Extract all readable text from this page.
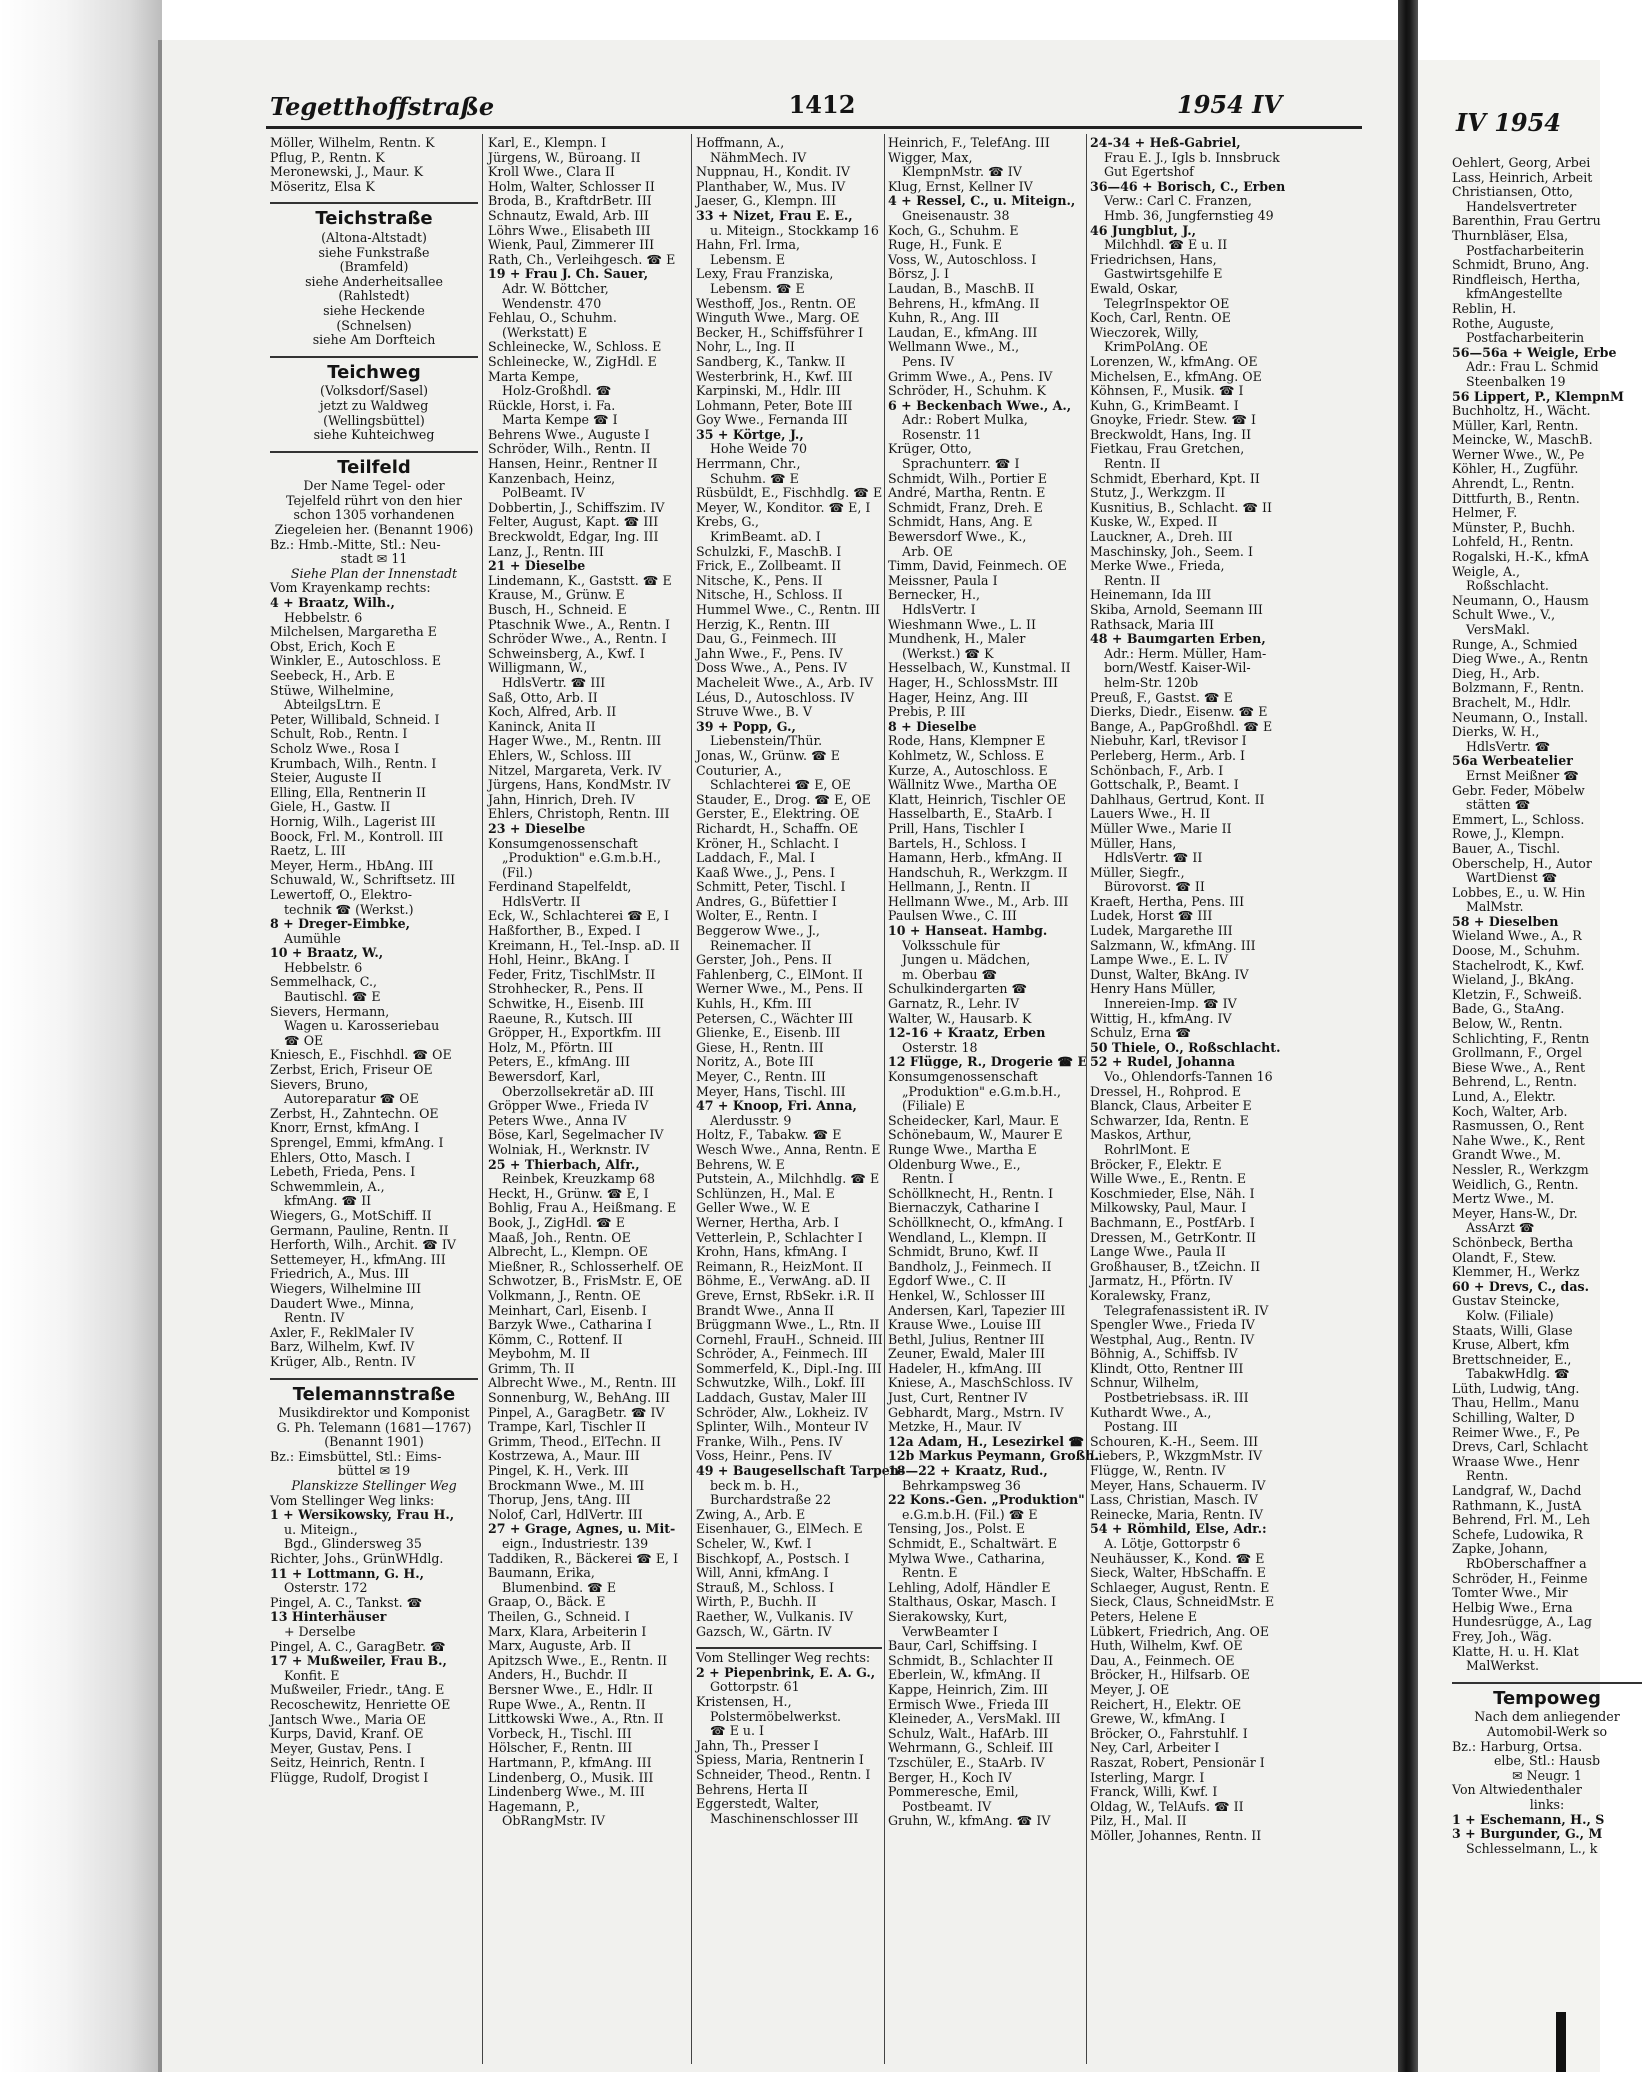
Tegetthoffstraße	1412	1954 IV
Möller, Wilhelm, Rentn. K
Pflug, P., Rentn. K
Meronewski, J., Maur. K
Möseritz, Elsa K
Teichstraße
(Altona-Altstadt)
siehe Funkstraße
(Bramfeld)
siehe Anderheitsallee
(Rahlstedt)
siehe Heckende
(Schnelsen)
siehe Am Dorfteich
Teichweg
(Volksdorf/Sasel)
jetzt zu Waldweg
(Wellingsbüttel)
siehe Kuhteichweg
Teilfeld
Der Name Tegel- oder
Tejelfeld rührt von den hier
schon 1305 vorhandenen
Ziegeleien her. (Benannt 1906)
Bz.: Hmb.-Mitte, Stl.: Neu-
stadt ✉ 11
Siehe Plan der Innenstadt
Vom Krayenkamp rechts:
4 + Braatz, Wilh.,
Hebbelstr. 6
Milchelsen, Margaretha E
Obst, Erich, Koch E
Winkler, E., Autoschloss. E
Seebeck, H., Arb. E
Stüwe, Wilhelmine,
AbteilgsLtrn. E
Peter, Willibald, Schneid. I
Schult, Rob., Rentn. I
Scholz Wwe., Rosa I
Krumbach, Wilh., Rentn. I
Steier, Auguste II
Elling, Ella, Rentnerin II
Giele, H., Gastw. II
Hornig, Wilh., Lagerist III
Boock, Frl. M., Kontroll. III
Raetz, L. III
Meyer, Herm., HbAng. III
Schuwald, W., Schriftsetz. III
Lewertoff, O., Elektro-
technik ☎ (Werkst.)
8 + Dreger-Eimbke,
Aumühle
10 + Braatz, W.,
Hebbelstr. 6
Semmelhack, C.,
Bautischl. ☎ E
Sievers, Hermann,
Wagen u. Karosseriebau
☎ OE
Kniesch, E., Fischhdl. ☎ OE
Zerbst, Erich, Friseur OE
Sievers, Bruno,
Autoreparatur ☎ OE
Zerbst, H., Zahntechn. OE
Knorr, Ernst, kfmAng. I
Sprengel, Emmi, kfmAng. I
Ehlers, Otto, Masch. I
Lebeth, Frieda, Pens. I
Schwemmlein, A.,
kfmAng. ☎ II
Wiegers, G., MotSchiff. II
Germann, Pauline, Rentn. II
Herforth, Wilh., Archit. ☎ IV
Settemeyer, H., kfmAng. III
Friedrich, A., Mus. III
Wiegers, Wilhelmine III
Daudert Wwe., Minna,
Rentn. IV
Axler, F., ReklMaler IV
Barz, Wilhelm, Kwf. IV
Krüger, Alb., Rentn. IV
Telemannstraße
Musikdirektor und Komponist
G. Ph. Telemann (1681—1767)
(Benannt 1901)
Bz.: Eimsbüttel, Stl.: Eims-
büttel ✉ 19
Planskizze Stellinger Weg
Vom Stellinger Weg links:
1 + Wersikowsky, Frau H.,
u. Miteign.,
Bgd., Glindersweg 35
Richter, Johs., GrünWHdlg.
11 + Lottmann, G. H.,
Osterstr. 172
Pingel, A. C., Tankst. ☎
13 Hinterhäuser
+ Derselbe
Pingel, A. C., GaragBetr. ☎
17 + Mußweiler, Frau B.,
Konfit. E
Mußweiler, Friedr., tAng. E
Recoschewitz, Henriette OE
Jantsch Wwe., Maria OE
Kurps, David, Kranf. OE
Meyer, Gustav, Pens. I
Seitz, Heinrich, Rentn. I
Flügge, Rudolf, Drogist I
Karl, E., Klempn. I
Jürgens, W., Büroang. II
Kroll Wwe., Clara II
Holm, Walter, Schlosser II
Broda, B., KraftdrBetr. III
Schnautz, Ewald, Arb. III
Löhrs Wwe., Elisabeth III
Wienk, Paul, Zimmerer III
Rath, Ch., Verleihgesch. ☎ E
19 + Frau J. Ch. Sauer,
Adr. W. Böttcher,
Wendenstr. 470
Fehlau, O., Schuhm.
(Werkstatt) E
Schleinecke, W., Schloss. E
Schleinecke, W., ZigHdl. E
Marta Kempe,
Holz-Großhdl. ☎
Rückle, Horst, i. Fa.
Marta Kempe ☎ I
Behrens Wwe., Auguste I
Schröder, Wilh., Rentn. II
Hansen, Heinr., Rentner II
Kanzenbach, Heinz,
PolBeamt. IV
Dobbertin, J., Schiffszim. IV
Felter, August, Kapt. ☎ III
Breckwoldt, Edgar, Ing. III
Lanz, J., Rentn. III
21 + Dieselbe
Lindemann, K., Gaststt. ☎ E
Krause, M., Grünw. E
Busch, H., Schneid. E
Ptaschnik Wwe., A., Rentn. I
Schröder Wwe., A., Rentn. I
Schweinsberg, A., Kwf. I
Willigmann, W.,
HdlsVertr. ☎ III
Saß, Otto, Arb. II
Koch, Alfred, Arb. II
Kaninck, Anita II
Hager Wwe., M., Rentn. III
Ehlers, W., Schloss. III
Nitzel, Margareta, Verk. IV
Jürgens, Hans, KondMstr. IV
Jahn, Hinrich, Dreh. IV
Ehlers, Christoph, Rentn. III
23 + Dieselbe
Konsumgenossenschaft
„Produktion" e.G.m.b.H.,
(Fil.)
Ferdinand Stapelfeldt,
HdlsVertr. II
Eck, W., Schlachterei ☎ E, I
Haßforther, B., Exped. I
Kreimann, H., Tel.-Insp. aD. II
Hohl, Heinr., BkAng. I
Feder, Fritz, TischlMstr. II
Strohhecker, R., Pens. II
Schwitke, H., Eisenb. III
Raeune, R., Kutsch. III
Gröpper, H., Exportkfm. III
Holz, M., Pförtn. III
Peters, E., kfmAng. III
Bewersdorf, Karl,
Oberzollsekretär aD. III
Gröpper Wwe., Frieda IV
Peters Wwe., Anna IV
Böse, Karl, Segelmacher IV
Wolniak, H., Werknstr. IV
25 + Thierbach, Alfr.,
Reinbek, Kreuzkamp 68
Heckt, H., Grünw. ☎ E, I
Bohlig, Frau A., Heißmang. E
Book, J., ZigHdl. ☎ E
Maaß, Joh., Rentn. OE
Albrecht, L., Klempn. OE
Mießner, R., Schlosserhelf. OE
Schwotzer, B., FrisMstr. E, OE
Volkmann, J., Rentn. OE
Meinhart, Carl, Eisenb. I
Barzyk Wwe., Catharina I
Kömm, C., Rottenf. II
Meybohm, M. II
Grimm, Th. II
Albrecht Wwe., M., Rentn. III
Sonnenburg, W., BehAng. III
Pinpel, A., GaragBetr. ☎ IV
Trampe, Karl, Tischler II
Grimm, Theod., ElTechn. II
Kostrzewa, A., Maur. III
Pingel, K. H., Verk. III
Brockmann Wwe., M. III
Thorup, Jens, tAng. III
Nolof, Carl, HdlVertr. III
27 + Grage, Agnes, u. Mit-
eign., Industriestr. 139
Taddiken, R., Bäckerei ☎ E, I
Baumann, Erika,
Blumenbind. ☎ E
Graap, O., Bäck. E
Theilen, G., Schneid. I
Marx, Klara, Arbeiterin I
Marx, Auguste, Arb. II
Apitzsch Wwe., E., Rentn. II
Anders, H., Buchdr. II
Bersner Wwe., E., Hdlr. II
Rupe Wwe., A., Rentn. II
Littkowski Wwe., A., Rtn. II
Vorbeck, H., Tischl. III
Hölscher, F., Rentn. III
Hartmann, P., kfmAng. III
Lindenberg, O., Musik. III
Lindenberg Wwe., M. III
Hagemann, P.,
ObRangMstr. IV
Hoffmann, A.,
NähmMech. IV
Nuppnau, H., Kondit. IV
Planthaber, W., Mus. IV
Jaeser, G., Klempn. III
33 + Nizet, Frau E. E.,
u. Miteign., Stockkamp 16
Hahn, Frl. Irma,
Lebensm. E
Lexy, Frau Franziska,
Lebensm. ☎ E
Westhoff, Jos., Rentn. OE
Winguth Wwe., Marg. OE
Becker, H., Schiffsführer I
Nohr, L., Ing. II
Sandberg, K., Tankw. II
Westerbrink, H., Kwf. III
Karpinski, M., Hdlr. III
Lohmann, Peter, Bote III
Goy Wwe., Fernanda III
35 + Körtge, J.,
Hohe Weide 70
Herrmann, Chr.,
Schuhm. ☎ E
Rüsbüldt, E., Fischhdlg. ☎ E
Meyer, W., Konditor. ☎ E, I
Krebs, G.,
KrimBeamt. aD. I
Schulzki, F., MaschB. I
Frick, E., Zollbeamt. II
Nitsche, K., Pens. II
Nitsche, H., Schloss. II
Hummel Wwe., C., Rentn. III
Herzig, K., Rentn. III
Dau, G., Feinmech. III
Jahn Wwe., F., Pens. IV
Doss Wwe., A., Pens. IV
Macheleit Wwe., A., Arb. IV
Léus, D., Autoschloss. IV
Struve Wwe., B. V
39 + Popp, G.,
Liebenstein/Thür.
Jonas, W., Grünw. ☎ E
Couturier, A.,
Schlachterei ☎ E, OE
Stauder, E., Drog. ☎ E, OE
Gerster, E., Elektring. OE
Richardt, H., Schaffn. OE
Kröner, H., Schlacht. I
Laddach, F., Mal. I
Kaaß Wwe., J., Pens. I
Schmitt, Peter, Tischl. I
Andres, G., Büfettier I
Wolter, E., Rentn. I
Beggerow Wwe., J.,
Reinemacher. II
Gerster, Joh., Pens. II
Fahlenberg, C., ElMont. II
Werner Wwe., M., Pens. II
Kuhls, H., Kfm. III
Petersen, C., Wächter III
Glienke, E., Eisenb. III
Giese, H., Rentn. III
Noritz, A., Bote III
Meyer, C., Rentn. III
Meyer, Hans, Tischl. III
47 + Knoop, Fri. Anna,
Alerdusstr. 9
Holtz, F., Tabakw. ☎ E
Wesch Wwe., Anna, Rentn. E
Behrens, W. E
Putstein, A., Milchhdlg. ☎ E
Schlünzen, H., Mal. E
Geller Wwe., W. E
Werner, Hertha, Arb. I
Vetterlein, P., Schlachter I
Krohn, Hans, kfmAng. I
Reimann, R., HeizMont. II
Böhme, E., VerwAng. aD. II
Greve, Ernst, RbSekr. i.R. II
Brandt Wwe., Anna II
Brüggmann Wwe., L., Rtn. II
Cornehl, FrauH., Schneid. III
Schröder, A., Feinmech. III
Sommerfeld, K., Dipl.-Ing. III
Schwutzke, Wilh., Lokf. III
Laddach, Gustav, Maler III
Schröder, Alw., Lokheiz. IV
Splinter, Wilh., Monteur IV
Franke, Wilh., Pens. IV
Voss, Heinr., Pens. IV
49 + Baugesellschaft Tarpen-
beck m. b. H.,
Burchardstraße 22
Zwing, A., Arb. E
Eisenhauer, G., ElMech. E
Scheler, W., Kwf. I
Bischkopf, A., Postsch. I
Will, Anni, kfmAng. I
Strauß, M., Schloss. I
Wirth, P., Buchh. II
Raether, W., Vulkanis. IV
Gazsch, W., Gärtn. IV
Vom Stellinger Weg rechts:
2 + Piepenbrink, E. A. G.,
Gottorpstr. 61
Kristensen, H.,
Polstermöbelwerkst.
☎ E u. I
Jahn, Th., Presser I
Spiess, Maria, Rentnerin I
Schneider, Theod., Rentn. I
Behrens, Herta II
Eggerstedt, Walter,
Maschinenschlosser III
Heinrich, F., TelefAng. III
Wigger, Max,
KlempnMstr. ☎ IV
Klug, Ernst, Kellner IV
4 + Ressel, C., u. Miteign.,
Gneisenaustr. 38
Koch, G., Schuhm. E
Ruge, H., Funk. E
Voss, W., Autoschloss. I
Börsz, J. I
Laudan, B., MaschB. II
Behrens, H., kfmAng. II
Kuhn, R., Ang. III
Laudan, E., kfmAng. III
Wellmann Wwe., M.,
Pens. IV
Grimm Wwe., A., Pens. IV
Schröder, H., Schuhm. K
6 + Beckenbach Wwe., A.,
Adr.: Robert Mulka,
Rosenstr. 11
Krüger, Otto,
Sprachunterr. ☎ I
Schmidt, Wilh., Portier E
André, Martha, Rentn. E
Schmidt, Franz, Dreh. E
Schmidt, Hans, Ang. E
Bewersdorf Wwe., K.,
Arb. OE
Timm, David, Feinmech. OE
Meissner, Paula I
Bernecker, H.,
HdlsVertr. I
Wieshmann Wwe., L. II
Mundhenk, H., Maler
(Werkst.) ☎ K
Hesselbach, W., Kunstmal. II
Hager, H., SchlossMstr. III
Hager, Heinz, Ang. III
Prebis, P. III
8 + Dieselbe
Rode, Hans, Klempner E
Kohlmetz, W., Schloss. E
Kurze, A., Autoschloss. E
Wällnitz Wwe., Martha OE
Klatt, Heinrich, Tischler OE
Hasselbarth, E., StaArb. I
Prill, Hans, Tischler I
Bartels, H., Schloss. I
Hamann, Herb., kfmAng. II
Handschuh, R., Werkzgm. II
Hellmann, J., Rentn. II
Hellmann Wwe., M., Arb. III
Paulsen Wwe., C. III
10 + Hanseat. Hambg.
Volksschule für
Jungen u. Mädchen,
m. Oberbau ☎
Schulkindergarten ☎
Garnatz, R., Lehr. IV
Walter, W., Hausarb. K
12-16 + Kraatz, Erben
Osterstr. 18
12 Flügge, R., Drogerie ☎ E
Konsumgenossenschaft
„Produktion" e.G.m.b.H.,
(Filiale) E
Scheidecker, Karl, Maur. E
Schönebaum, W., Maurer E
Runge Wwe., Martha E
Oldenburg Wwe., E.,
Rentn. I
Schöllknecht, H., Rentn. I
Biernaczyk, Catharine I
Schöllknecht, O., kfmAng. I
Wendland, L., Klempn. II
Schmidt, Bruno, Kwf. II
Bandholz, J., Feinmech. II
Egdorf Wwe., C. II
Henkel, W., Schlosser III
Andersen, Karl, Tapezier III
Krause Wwe., Louise III
Bethl, Julius, Rentner III
Zeuner, Ewald, Maler III
Hadeler, H., kfmAng. III
Kniese, A., MaschSchloss. IV
Just, Curt, Rentner IV
Gebhardt, Marg., Mstrn. IV
Metzke, H., Maur. IV
12a Adam, H., Lesezirkel ☎
12b Markus Peymann, Großh.
18—22 + Kraatz, Rud.,
Behrkampsweg 36
22 Kons.-Gen. „Produktion"
e.G.m.b.H. (Fil.) ☎ E
Tensing, Jos., Polst. E
Schmidt, E., Schaltwärt. E
Mylwa Wwe., Catharina,
Rentn. E
Lehling, Adolf, Händler E
Stalthaus, Oskar, Masch. I
Sierakowsky, Kurt,
VerwBeamter I
Baur, Carl, Schiffsing. I
Schmidt, B., Schlachter II
Eberlein, W., kfmAng. II
Kappe, Heinrich, Zim. III
Ermisch Wwe., Frieda III
Kleineder, A., VersMakl. III
Schulz, Walt., HafArb. III
Wehrmann, G., Schleif. III
Tzschüler, E., StaArb. IV
Berger, H., Koch IV
Pommeresche, Emil,
Postbeamt. IV
Gruhn, W., kfmAng. ☎ IV
24-34 + Heß-Gabriel,
Frau E. J., Igls b. Innsbruck
Gut Egertshof
36—46 + Borisch, C., Erben
Verw.: Carl C. Franzen,
Hmb. 36, Jungfernstieg 49
46 Jungblut, J.,
Milchhdl. ☎ E u. II
Friedrichsen, Hans,
Gastwirtsgehilfe E
Ewald, Oskar,
TelegrInspektor OE
Koch, Carl, Rentn. OE
Wieczorek, Willy,
KrimPolAng. OE
Lorenzen, W., kfmAng. OE
Michelsen, E., kfmAng. OE
Köhnsen, F., Musik. ☎ I
Kuhn, G., KrimBeamt. I
Gnoyke, Friedr. Stew. ☎ I
Breckwoldt, Hans, Ing. II
Fietkau, Frau Gretchen,
Rentn. II
Schmidt, Eberhard, Kpt. II
Stutz, J., Werkzgm. II
Kusnitius, B., Schlacht. ☎ II
Kuske, W., Exped. II
Lauckner, A., Dreh. III
Maschinsky, Joh., Seem. I
Merke Wwe., Frieda,
Rentn. II
Heinemann, Ida III
Skiba, Arnold, Seemann III
Rathsack, Maria III
48 + Baumgarten Erben,
Adr.: Herm. Müller, Ham-
born/Westf. Kaiser-Wil-
helm-Str. 120b
Preuß, F., Gastst. ☎ E
Dierks, Diedr., Eisenw. ☎ E
Bange, A., PapGroßhdl. ☎ E
Niebuhr, Karl, tRevisor I
Perleberg, Herm., Arb. I
Schönbach, F., Arb. I
Gottschalk, P., Beamt. I
Dahlhaus, Gertrud, Kont. II
Lauers Wwe., H. II
Müller Wwe., Marie II
Müller, Hans,
HdlsVertr. ☎ II
Müller, Siegfr.,
Bürovorst. ☎ II
Kraeft, Hertha, Pens. III
Ludek, Horst ☎ III
Ludek, Margarethe III
Salzmann, W., kfmAng. III
Lampe Wwe., E. L. IV
Dunst, Walter, BkAng. IV
Henry Hans Müller,
Innereien-Imp. ☎ IV
Wittig, H., kfmAng. IV
Schulz, Erna ☎
50 Thiele, O., Roßschlacht.
52 + Rudel, Johanna
Vo., Ohlendorfs-Tannen 16
Dressel, H., Rohprod. E
Blanck, Claus, Arbeiter E
Schwarzer, Ida, Rentn. E
Maskos, Arthur,
RohrlMont. E
Bröcker, F., Elektr. E
Wille Wwe., E., Rentn. E
Koschmieder, Else, Näh. I
Milkowsky, Paul, Maur. I
Bachmann, E., PostfArb. I
Dressen, M., GetrKontr. II
Lange Wwe., Paula II
Großhauser, B., tZeichn. II
Jarmatz, H., Pförtn. IV
Koralewsky, Franz,
Telegrafenassistent iR. IV
Spengler Wwe., Frieda IV
Westphal, Aug., Rentn. IV
Böhnig, A., Schiffsb. IV
Klindt, Otto, Rentner III
Schnur, Wilhelm,
Postbetriebsass. iR. III
Kuthardt Wwe., A.,
Postang. III
Schouren, K.-H., Seem. III
Liebers, P., WkzgmMstr. IV
Flügge, W., Rentn. IV
Meyer, Hans, Schauerm. IV
Lass, Christian, Masch. IV
Reinecke, Maria, Rentn. IV
54 + Römhild, Else, Adr.:
A. Lötje, Gottorpstr 6
Neuhäusser, K., Kond. ☎ E
Sieck, Walter, HbSchaffn. E
Schlaeger, August, Rentn. E
Sieck, Claus, SchneidMstr. E
Peters, Helene E
Lübkert, Friedrich, Ang. OE
Huth, Wilhelm, Kwf. OE
Dau, A., Feinmech. OE
Bröcker, H., Hilfsarb. OE
Meyer, J. OE
Reichert, H., Elektr. OE
Grewe, W., kfmAng. I
Bröcker, O., Fahrstuhlf. I
Ney, Carl, Arbeiter I
Raszat, Robert, Pensionär I
Isterling, Margr. I
Franck, Willi, Kwf. I
Oldag, W., TelAufs. ☎ II
Pilz, H., Mal. II
Möller, Johannes, Rentn. II
IV 1954
Oehlert, Georg, Arbei
Lass, Heinrich, Arbeit
Christiansen, Otto,
Handelsvertreter
Barenthin, Frau Gertru
Thurnbläser, Elsa,
Postfacharbeiterin
Schmidt, Bruno, Ang.
Rindfleisch, Hertha,
kfmAngestellte
Reblin, H.
Rothe, Auguste,
Postfacharbeiterin
56—56a + Weigle, Erbe
Adr.: Frau L. Schmid
Steenbalken 19
56 Lippert, P., KlempnM
Buchholtz, H., Wächt.
Müller, Karl, Rentn.
Meincke, W., MaschB.
Werner Wwe., W., Pe
Köhler, H., Zugführ.
Ahrendt, L., Rentn.
Dittfurth, B., Rentn.
Helmer, F.
Münster, P., Buchh.
Lohfeld, H., Rentn.
Rogalski, H.-K., kfmA
Weigle, A.,
Roßschlacht.
Neumann, O., Hausm
Schult Wwe., V.,
VersMakl.
Runge, A., Schmied
Dieg Wwe., A., Rentn
Dieg, H., Arb.
Bolzmann, F., Rentn.
Brachelt, M., Hdlr.
Neumann, O., Install.
Dierks, W. H.,
HdlsVertr. ☎
56a Werbeatelier
Ernst Meißner ☎
Gebr. Feder, Möbelw
stätten ☎
Emmert, L., Schloss.
Rowe, J., Klempn.
Bauer, A., Tischl.
Oberschelp, H., Autor
WartDienst ☎
Lobbes, E., u. W. Hin
MalMstr.
58 + Dieselben
Wieland Wwe., A., R
Doose, M., Schuhm.
Stachelrodt, K., Kwf.
Wieland, J., BkAng.
Kletzin, F., Schweiß.
Bade, G., StaAng.
Below, W., Rentn.
Schlichting, F., Rentn
Grollmann, F., Orgel
Biese Wwe., A., Rent
Behrend, L., Rentn.
Lund, A., Elektr.
Koch, Walter, Arb.
Rasmussen, O., Rent
Nahe Wwe., K., Rent
Grandt Wwe., M.
Nessler, R., Werkzgm
Weidlich, G., Rentn.
Mertz Wwe., M.
Meyer, Hans-W., Dr.
AssArzt ☎
Schönbeck, Bertha
Olandt, F., Stew.
Klemmer, H., Werkz
60 + Drevs, C., das.
Gustav Steincke,
Kolw. (Filiale)
Staats, Willi, Glase
Kruse, Albert, kfm
Brettschneider, E.,
TabakwHdlg. ☎
Lüth, Ludwig, tAng.
Thau, Hellm., Manu
Schilling, Walter, D
Reimer Wwe., F., Pe
Drevs, Carl, Schlacht
Wraase Wwe., Henr
Rentn.
Landgraf, W., Dachd
Rathmann, K., JustA
Behrend, Frl. M., Leh
Schefe, Ludowika, R
Zapke, Johann,
RbOberschaffner a
Schröder, H., Feinme
Tomter Wwe., Mir
Helbig Wwe., Erna
Hundesrügge, A., Lag
Frey, Joh., Wäg.
Klatte, H. u. H. Klat
MalWerkst.
Tempoweg
Nach dem anliegender
Automobil-Werk so
Bz.: Harburg, Ortsa.
elbe, Stl.: Hausb
✉ Neugr. 1
Von Altwiedenthaler
links:
1 + Eschemann, H., S
3 + Burgunder, G., M
Schlesselmann, L., k
